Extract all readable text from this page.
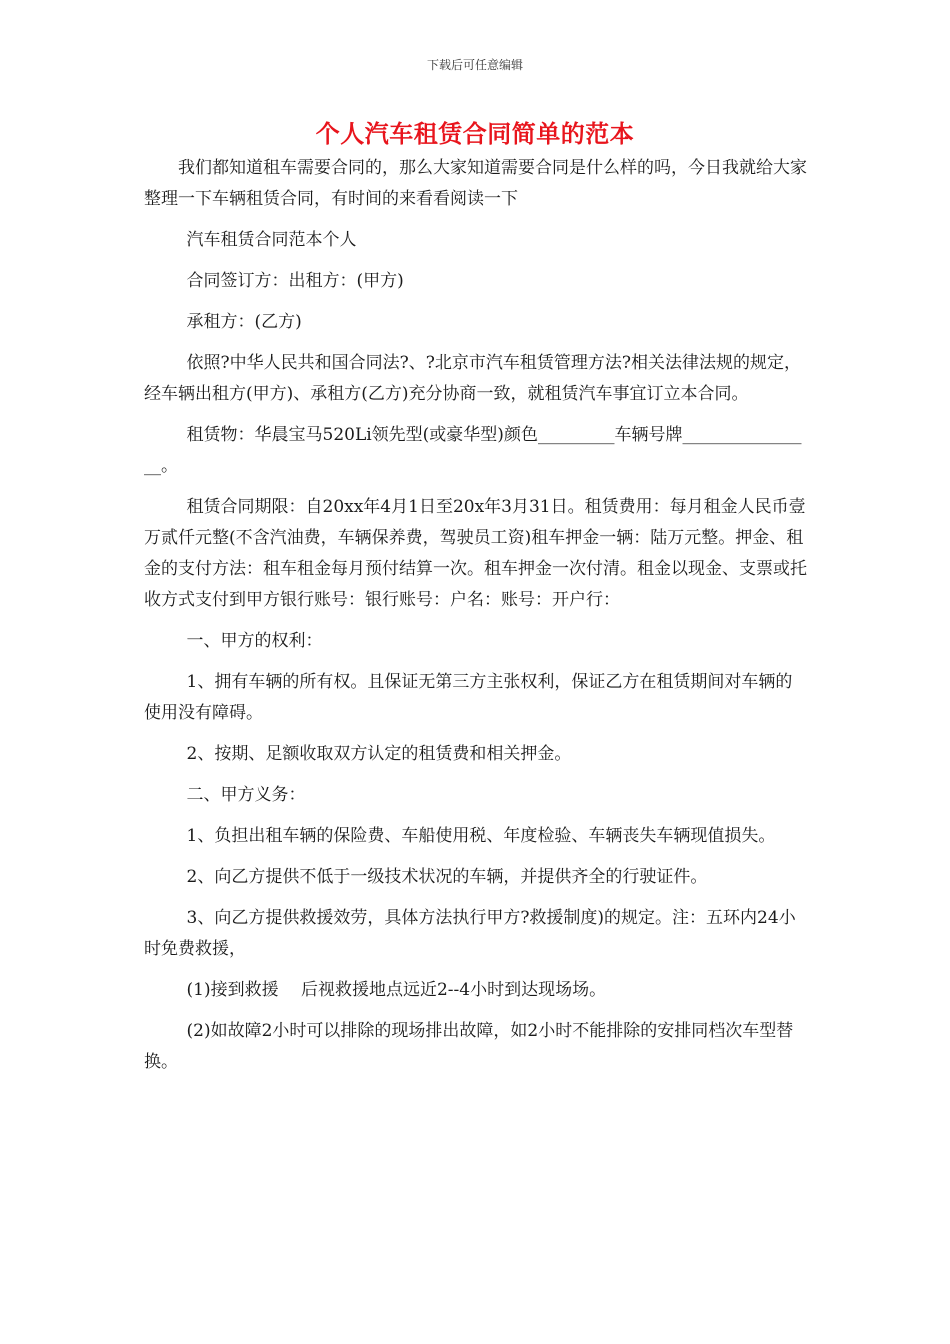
下载后可任意编辑
个人汽车租赁合同简单的范本

我们都知道租车需要合同的，那么大家知道需要合同是什么样的吗，今日我就给大家整理一下车辆租赁合同，有时间的来看看阅读一下

汽车租赁合同范本个人

合同签订方：出租方：(甲方)

承租方：(乙方)

依照?中华人民共和国合同法?、?北京市汽车租赁管理方法?相关法律法规的规定，经车辆出租方(甲方)、承租方(乙方)充分协商一致，就租赁汽车事宜订立本合同。

租赁物：华晨宝马520Li领先型(或豪华型)颜色_________车辆号牌________________。

租赁合同期限：自20xx年4月1日至20x年3月31日。租赁费用：每月租金人民币壹万贰仟元整(不含汽油费，车辆保养费，驾驶员工资)租车押金一辆：陆万元整。押金、租金的支付方法：租车租金每月预付结算一次。租车押金一次付清。租金以现金、支票或托收方式支付到甲方银行账号：银行账号：户名：账号：开户行：

一、甲方的权利：

1、拥有车辆的所有权。且保证无第三方主张权利，保证乙方在租赁期间对车辆的使用没有障碍。

2、按期、足额收取双方认定的租赁费和相关押金。

二、甲方义务：

1、负担出租车辆的保险费、车船使用税、年度检验、车辆丧失车辆现值损失。

2、向乙方提供不低于一级技术状况的车辆，并提供齐全的行驶证件。

3、向乙方提供救援效劳，具体方法执行甲方?救援制度)的规定。注：五环内24小时免费救援，

(1)接到救援　 后视救援地点远近2--4小时到达现场场。

(2)如故障2小时可以排除的现场排出故障，如2小时不能排除的安排同档次车型替换。
